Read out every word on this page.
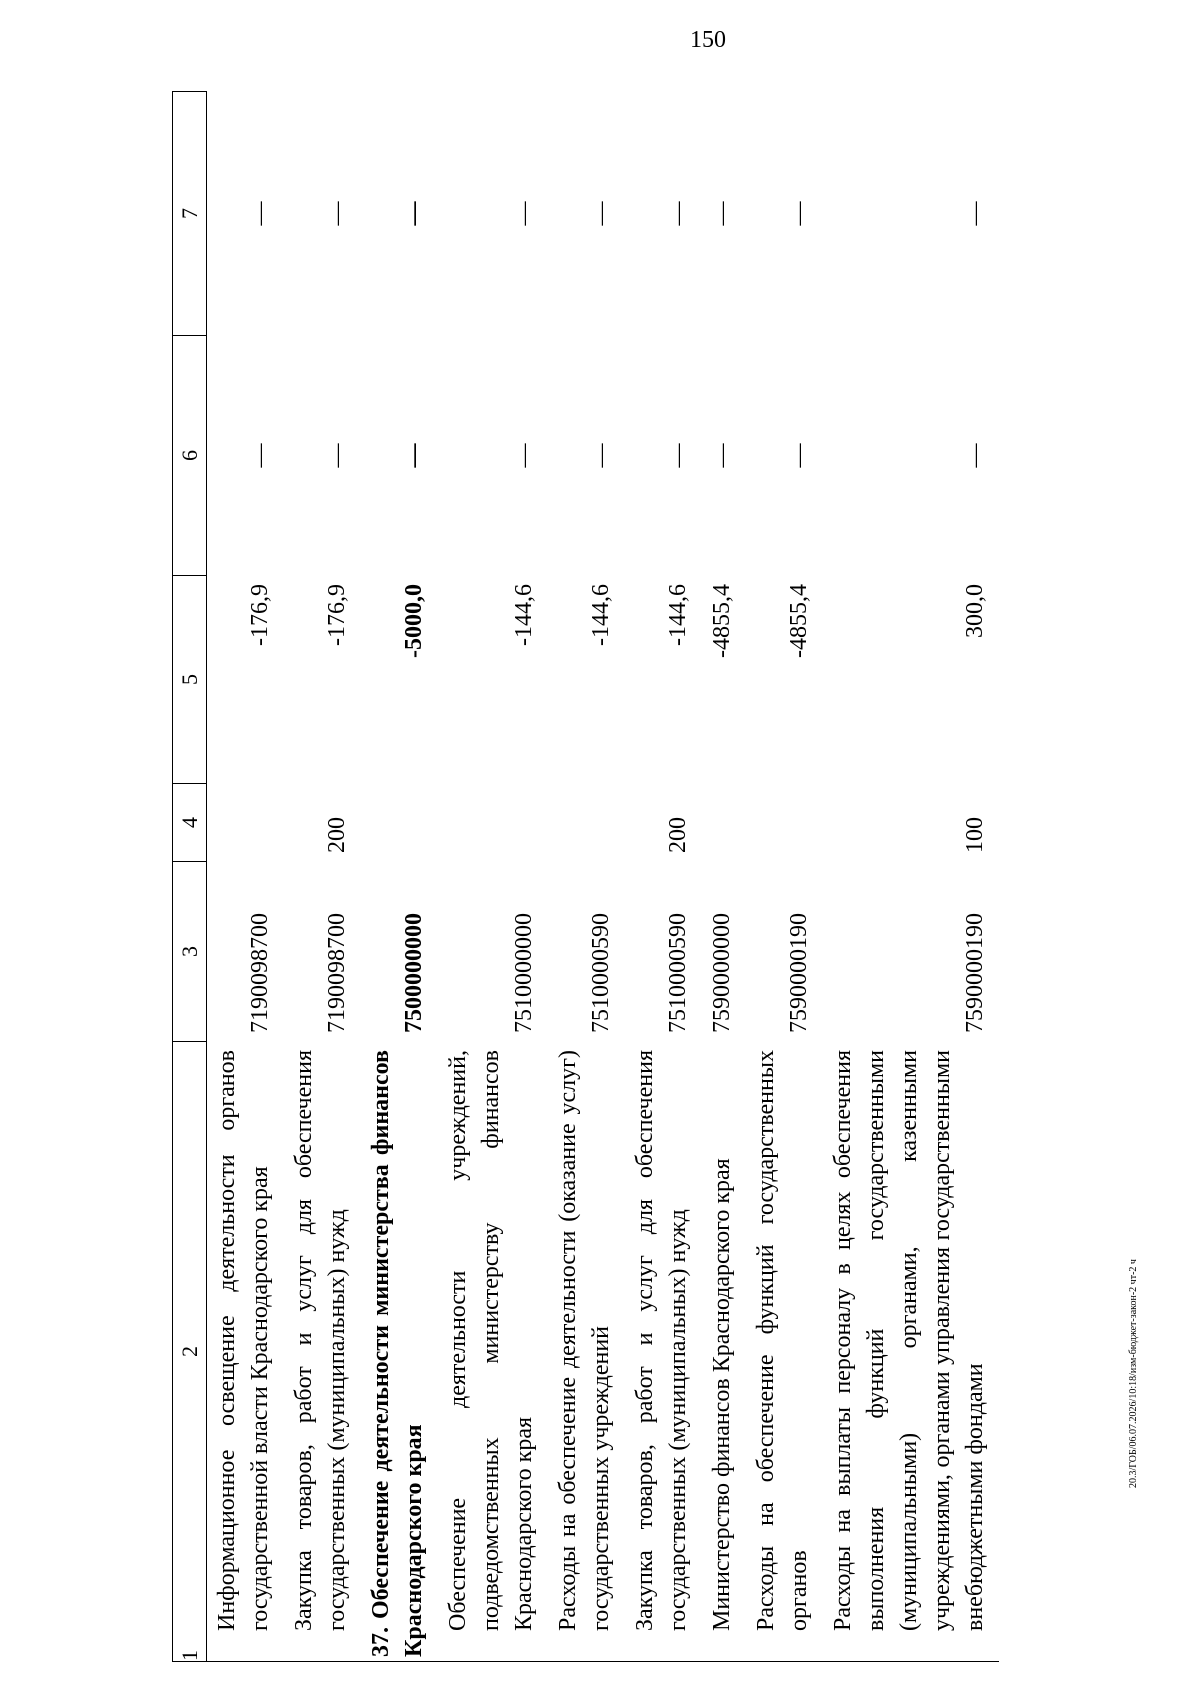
150
1	2	3	4	5	6	7
	Информационное освещение деятельности органов государственной власти Краснодарского края	7190098700		-176,9	—	—
	Закупка товаров, работ и услуг для обеспечения государственных (муниципальных) нужд	7190098700	200	-176,9	—	—
	37.Обеспечение деятельности министерства финансов Краснодарского края	7500000000		-5000,0	—	—
	Обеспечение деятельности учреждений, подведомственных министерству финансов Краснодарского края	7510000000		-144,6	—	—
	Расходы на обеспечение деятельности (оказание услуг) государственных учреждений	7510000590		-144,6	—	—
	Закупка товаров, работ и услуг для обеспечения государственных (муниципальных) нужд	7510000590	200	-144,6	—	—
	Министерство финансов Краснодарского края	7590000000		-4855,4	—	—
	Расходы на обеспечение функций государственных органов	7590000190		-4855,4	—	—
	Расходы на выплаты персоналу в целях обеспечения выполнения функций государственными (муниципальными) органами, казенными учреждениями, органами управления государственными внебюджетными фондами	7590000190	100	300,0	—	—
20.3/ГОБ/06.07.2026/10:18/изм-бюджет-закон-2 чт-2 ч
